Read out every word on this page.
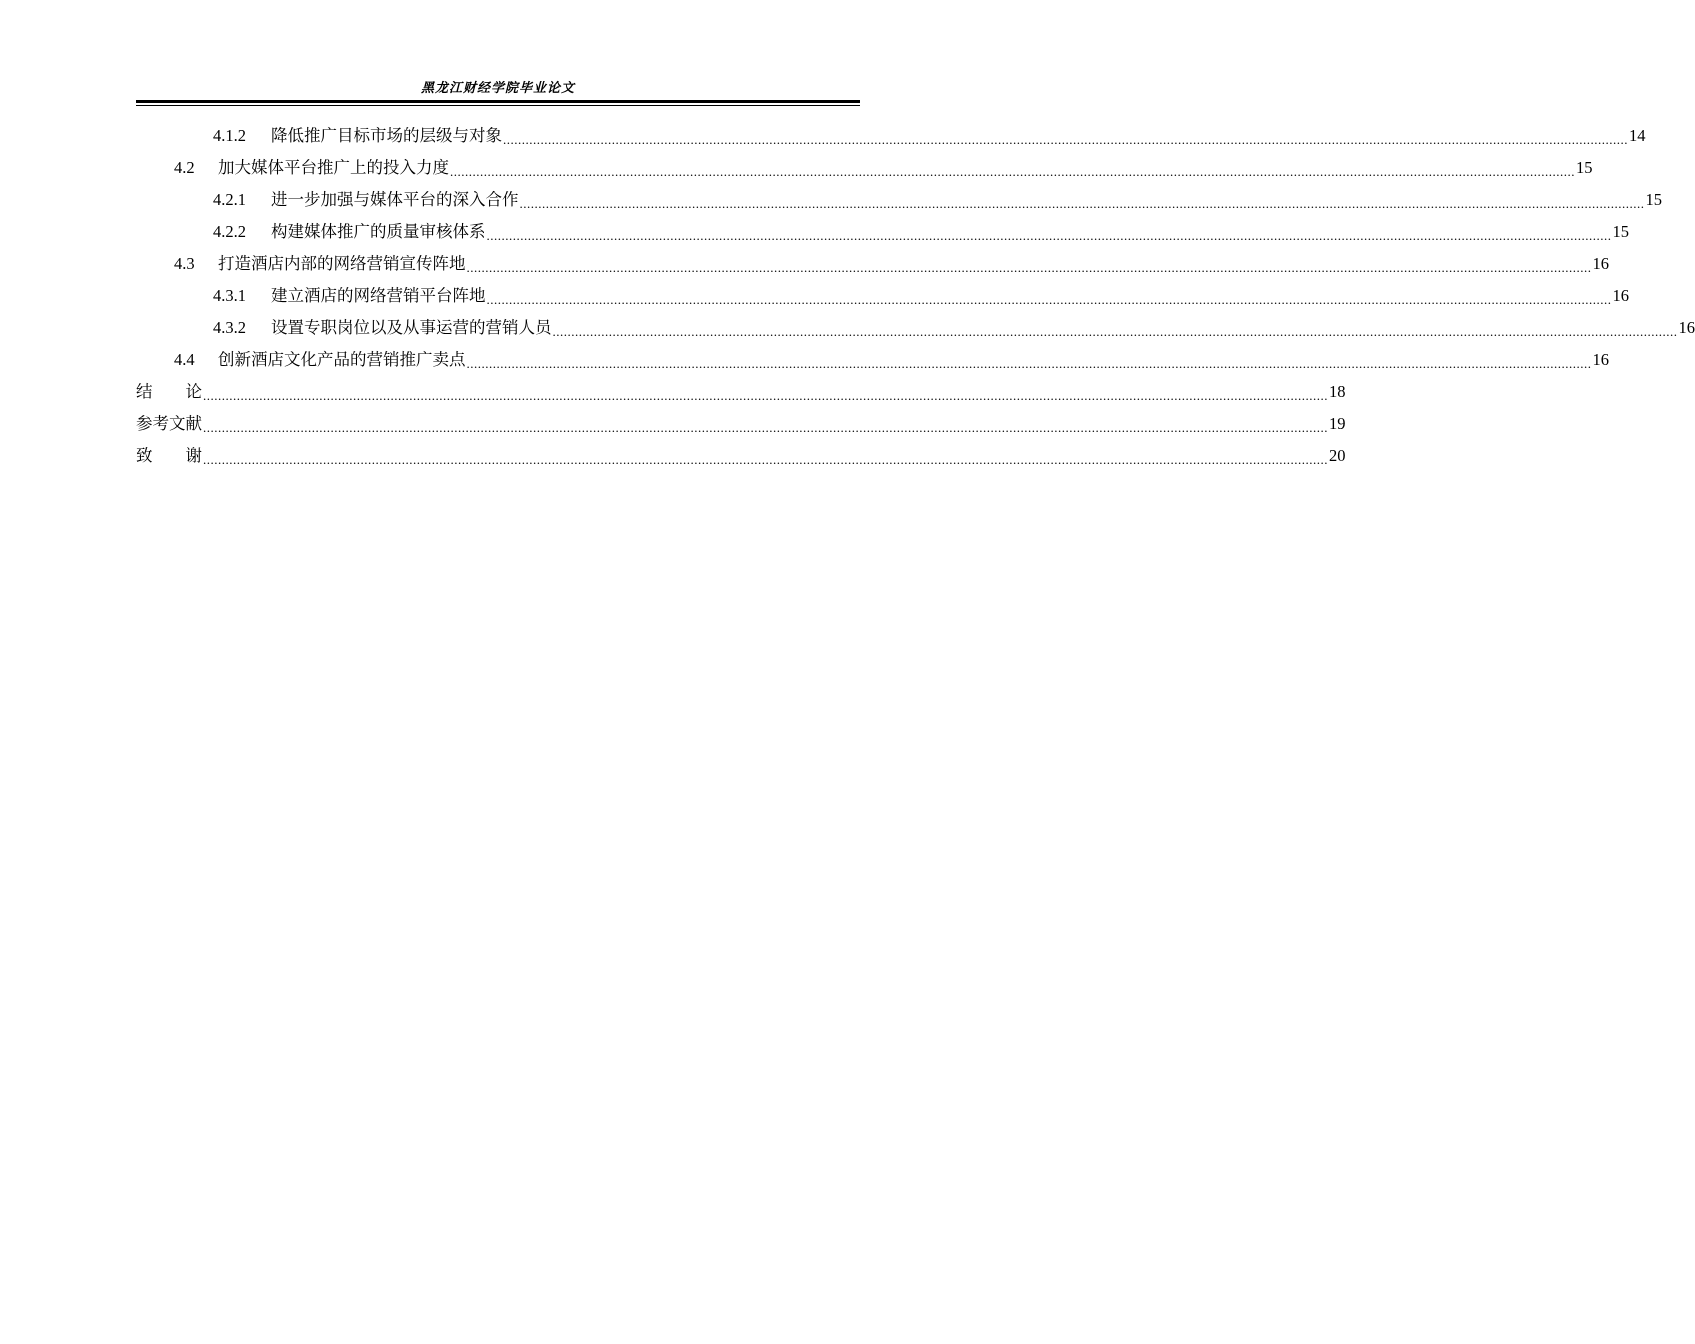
黑龙江财经学院毕业论文
4.1.2	降低推广目标市场的层级与对象 ............................................................................................................................................................................................................................................................................................................ 14
4.2	加大媒体平台推广上的投入力度 ............................................................................................................................................................................................................................................................................................................ 15
4.2.1	进一步加强与媒体平台的深入合作 ............................................................................................................................................................................................................................................................................................................ 15
4.2.2	构建媒体推广的质量审核体系 ............................................................................................................................................................................................................................................................................................................ 15
4.3	打造酒店内部的网络营销宣传阵地 ............................................................................................................................................................................................................................................................................................................ 16
4.3.1	建立酒店的网络营销平台阵地 ............................................................................................................................................................................................................................................................................................................ 16
4.3.2	设置专职岗位以及从事运营的营销人员 ............................................................................................................................................................................................................................................................................................................ 16
4.4	创新酒店文化产品的营销推广卖点 ............................................................................................................................................................................................................................................................................................................ 16
结　　论 ............................................................................................................................................................................................................................................................................................................ 18
参考文献 ............................................................................................................................................................................................................................................................................................................ 19
致　　谢 ............................................................................................................................................................................................................................................................................................................ 20
